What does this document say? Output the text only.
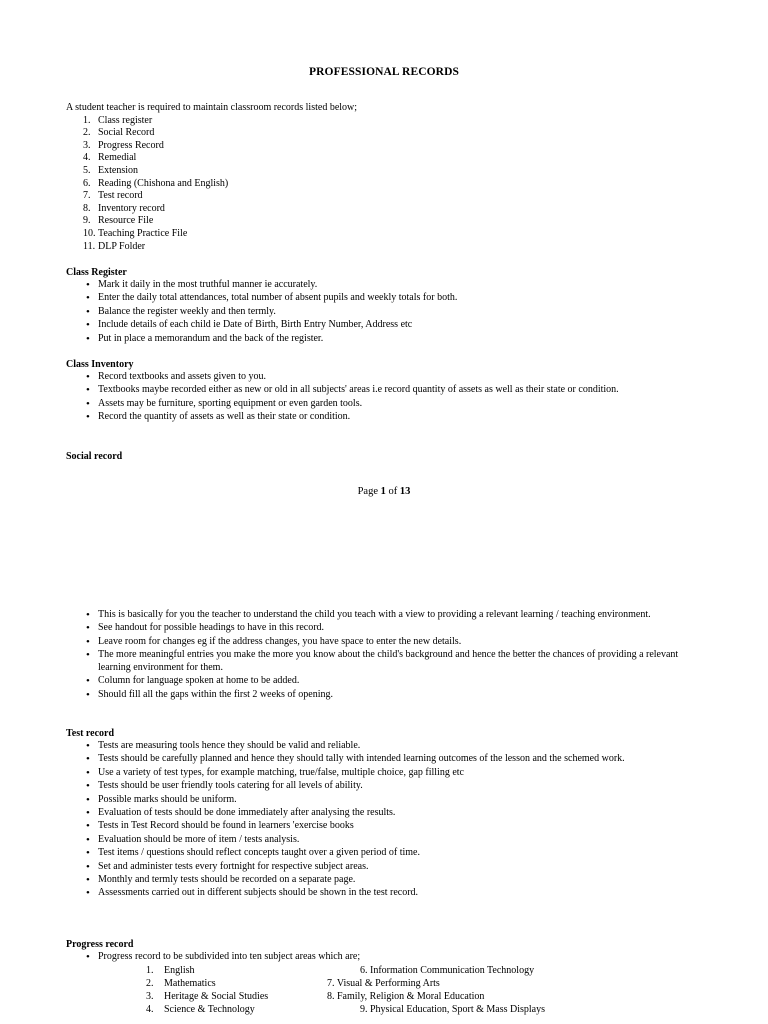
PROFESSIONAL RECORDS

A student teacher is required to maintain classroom records listed below;

1. Class register
2. Social Record
3. Progress Record
4. Remedial
5. Extension
6. Reading (Chishona and English)
7. Test record
8. Inventory record
9. Resource File
10. Teaching Practice File
11. DLP Folder

Class Register

• Mark it daily in the most truthful manner ie accurately.
• Enter the daily total attendances, total number of absent pupils and weekly totals for both.
• Balance the register weekly and then termly.
• Include details of each child ie Date of Birth, Birth Entry Number, Address etc
• Put in place a memorandum and the back of the register.

Class Inventory

• Record textbooks and assets given to you.
• Textbooks maybe recorded either as new or old in all subjects' areas i.e record quantity of assets as well as their state or condition.
• Assets may be furniture, sporting equipment or even garden tools.
• Record the quantity of assets as well as their state or condition.

Social record

Page 1 of 13
• This is basically for you the teacher to understand the child you teach with a view to providing a relevant learning / teaching environment.
• See handout for possible headings to have in this record.
• Leave room for changes eg if the address changes, you have space to enter the new details.
• The more meaningful entries you make the more you know about the child's background and hence the better the chances of providing a relevant learning environment for them.
• Column for language spoken at home to be added.
• Should fill all the gaps within the first 2 weeks of opening.

Test record

• Tests are measuring tools hence they should be valid and reliable.
• Tests should be carefully planned and hence they should tally with intended learning outcomes of the lesson and the schemed work.
• Use a variety of test types, for example matching, true/false, multiple choice, gap filling etc
• Tests should be user friendly tools catering for all levels of ability.
• Possible marks should be uniform.
• Evaluation of tests should be done immediately after analysing the results.
• Tests in Test Record should be found in learners 'exercise books
• Evaluation should be more of item / tests analysis.
• Test items / questions should reflect concepts taught over a given period of time.
• Set and administer tests every fortnight for respective subject areas.
• Monthly and termly tests should be recorded on a separate page.
• Assessments carried out in different subjects should be shown in the test record.

Progress record

• Progress record to be subdivided into ten subject areas which are;
1. English	6. Information Communication Technology
2. Mathematics	7. Visual & Performing Arts
3. Heritage & Social Studies	8. Family, Religion & Moral Education
4. Science & Technology	9. Physical Education, Sport & Mass Displays
